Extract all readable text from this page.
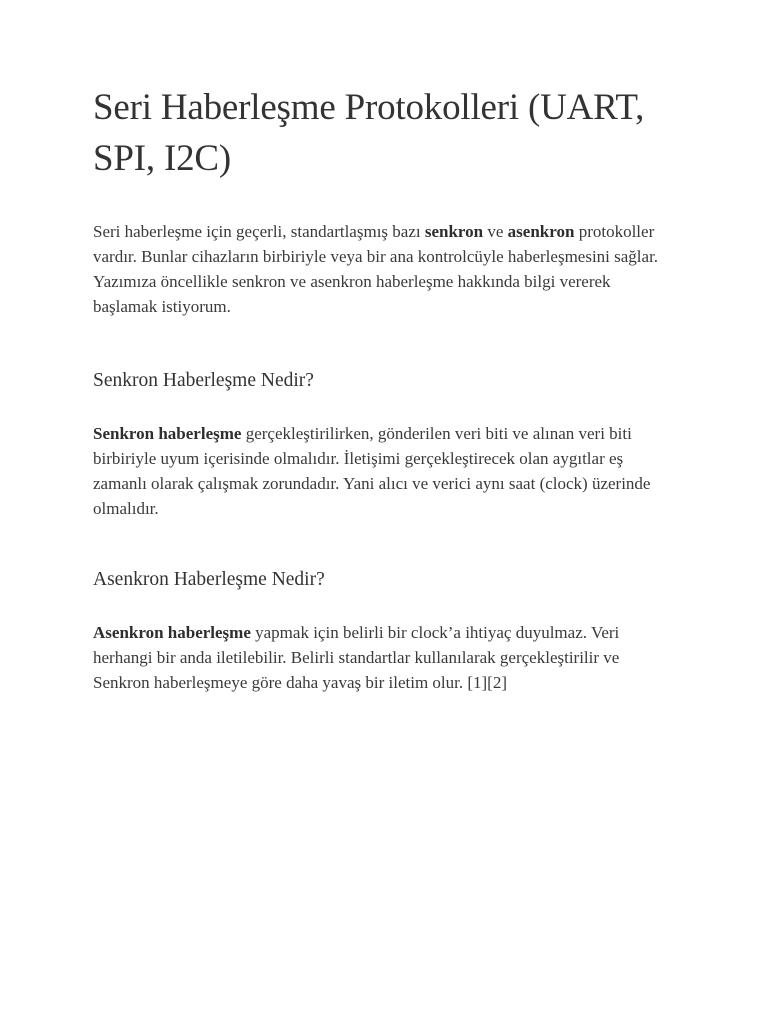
Seri Haberleşme Protokolleri (UART, SPI, I2C)

Seri haberleşme için geçerli, standartlaşmış bazı senkron ve asenkron protokoller vardır. Bunlar cihazların birbiriyle veya bir ana kontrolcüyle haberleşmesini sağlar. Yazımıza öncellikle senkron ve asenkron haberleşme hakkında bilgi vererek başlamak istiyorum.

Senkron Haberleşme Nedir?

Senkron haberleşme gerçekleştirilirken, gönderilen veri biti ve alınan veri biti birbiriyle uyum içerisinde olmalıdır. İletişimi gerçekleştirecek olan aygıtlar eş zamanlı olarak çalışmak zorundadır. Yani alıcı ve verici aynı saat (clock) üzerinde olmalıdır.

Asenkron Haberleşme Nedir?

Asenkron haberleşme yapmak için belirli bir clock’a ihtiyaç duyulmaz. Veri herhangi bir anda iletilebilir. Belirli standartlar kullanılarak gerçekleştirilir ve Senkron haberleşmeye göre daha yavaş bir iletim olur. [1][2]
